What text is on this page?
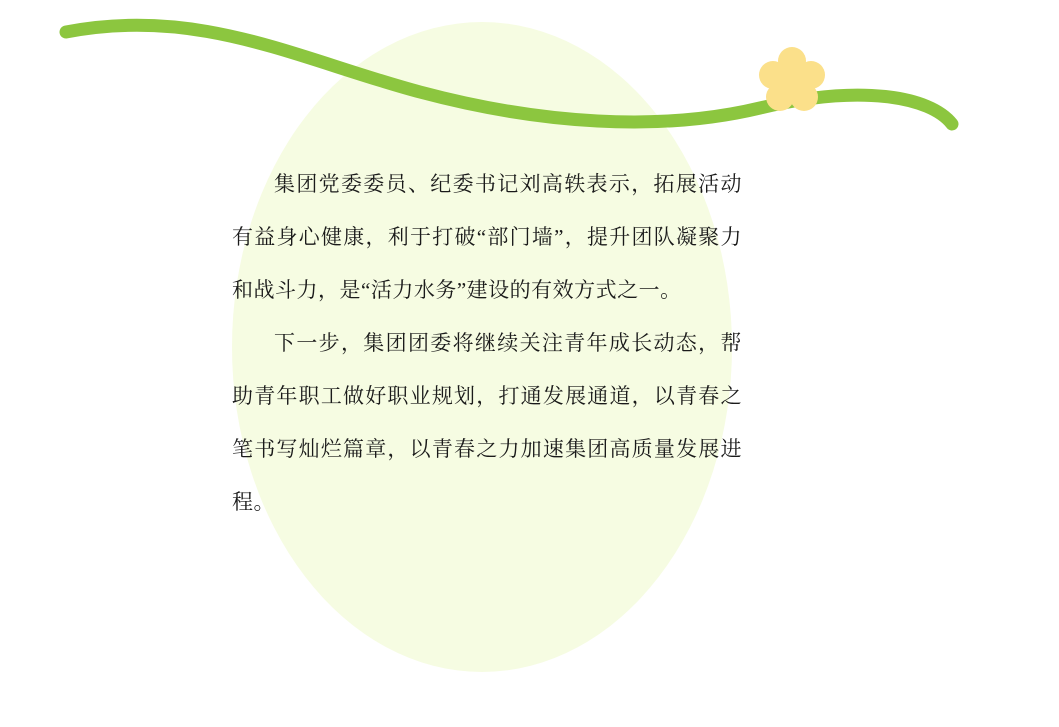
集团党委委员、纪委书记刘高轶表示，拓展活动有益身心健康，利于打破“部门墙”，提升团队凝聚力和战斗力，是“活力水务”建设的有效方式之一。

下一步，集团团委将继续关注青年成长动态，帮助青年职工做好职业规划，打通发展通道，以青春之笔书写灿烂篇章，以青春之力加速集团高质量发展进程。
